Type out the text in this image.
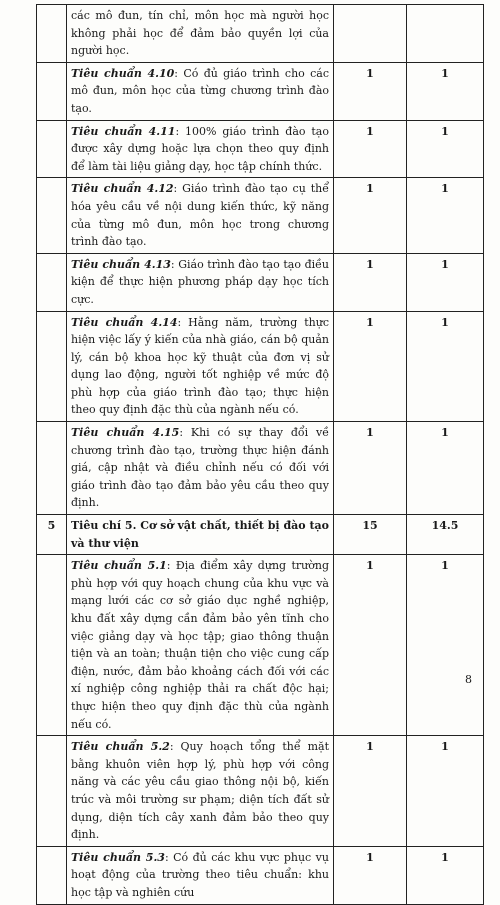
	các mô đun, tín chỉ, môn học mà người học không phải học để đảm bảo quyền lợi của người học.		
	Tiêu chuẩn 4.10: Có đủ giáo trình cho các mô đun, môn học của từng chương trình đào tạo.	1	1
	Tiêu chuẩn 4.11: 100% giáo trình đào tạo được xây dựng hoặc lựa chọn theo quy định để làm tài liệu giảng dạy, học tập chính thức.	1	1
	Tiêu chuẩn 4.12: Giáo trình đào tạo cụ thể hóa yêu cầu về nội dung kiến thức, kỹ năng của từng mô đun, môn học trong chương trình đào tạo.	1	1
	Tiêu chuẩn 4.13: Giáo trình đào tạo tạo điều kiện để thực hiện phương pháp dạy học tích cực.	1	1
	Tiêu chuẩn 4.14: Hằng năm, trường thực hiện việc lấy ý kiến của nhà giáo, cán bộ quản lý, cán bộ khoa học kỹ thuật của đơn vị sử dụng lao động, người tốt nghiệp về mức độ phù hợp của giáo trình đào tạo; thực hiện theo quy định đặc thù của ngành nếu có.	1	1
	Tiêu chuẩn 4.15: Khi có sự thay đổi về chương trình đào tạo, trường thực hiện đánh giá, cập nhật và điều chỉnh nếu có đối với giáo trình đào tạo đảm bảo yêu cầu theo quy định.	1	1
5	Tiêu chí 5. Cơ sở vật chất, thiết bị đào tạo và thư viện	15	14.5
	Tiêu chuẩn 5.1: Địa điểm xây dựng trường phù hợp với quy hoạch chung của khu vực và mạng lưới các cơ sở giáo dục nghề nghiệp, khu đất xây dựng cần đảm bảo yên tĩnh cho việc giảng dạy và học tập; giao thông thuận tiện và an toàn; thuận tiện cho việc cung cấp điện, nước, đảm bảo khoảng cách đối với các xí nghiệp công nghiệp thải ra chất độc hại; thực hiện theo quy định đặc thù của ngành nếu có.	1	1
	Tiêu chuẩn 5.2: Quy hoạch tổng thể mặt bằng khuôn viên hợp lý, phù hợp với công năng và các yêu cầu giao thông nội bộ, kiến trúc và môi trường sư phạm; diện tích đất sử dụng, diện tích cây xanh đảm bảo theo quy định.	1	1
	Tiêu chuẩn 5.3: Có đủ các khu vực phục vụ hoạt động của trường theo tiêu chuẩn: khu học tập và nghiên cứu	1	1
8
